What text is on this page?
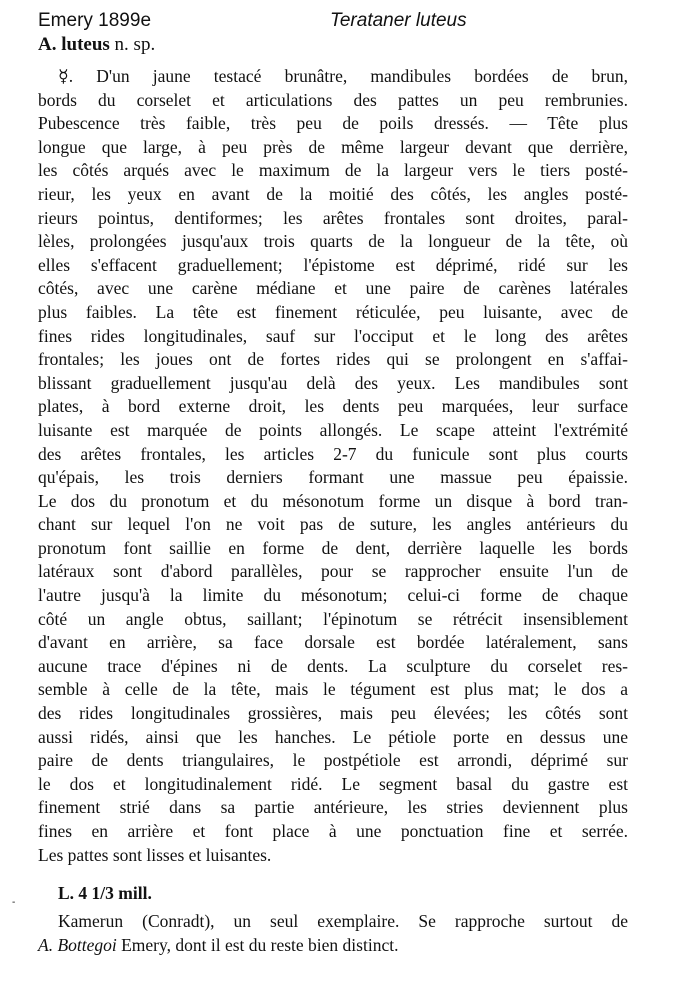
Emery 1899e	Terataner luteus
A. luteus n. sp.
☿. D'un jaune testacé brunâtre, mandibules bordées de brun,
bords du corselet et articulations des pattes un peu rembrunies.
Pubescence très faible, très peu de poils dressés. — Tête plus
longue que large, à peu près de même largeur devant que derrière,
les côtés arqués avec le maximum de la largeur vers le tiers posté-
rieur, les yeux en avant de la moitié des côtés, les angles posté-
rieurs pointus, dentiformes; les arêtes frontales sont droites, paral-
lèles, prolongées jusqu'aux trois quarts de la longueur de la tête, où
elles s'effacent graduellement; l'épistome est déprimé, ridé sur les
côtés, avec une carène médiane et une paire de carènes latérales
plus faibles. La tête est finement réticulée, peu luisante, avec de
fines rides longitudinales, sauf sur l'occiput et le long des arêtes
frontales; les joues ont de fortes rides qui se prolongent en s'affai-
blissant graduellement jusqu'au delà des yeux. Les mandibules sont
plates, à bord externe droit, les dents peu marquées, leur surface
luisante est marquée de points allongés. Le scape atteint l'extrémité
des arêtes frontales, les articles 2-7 du funicule sont plus courts
qu'épais, les trois derniers formant une massue peu épaissie.
Le dos du pronotum et du mésonotum forme un disque à bord tran-
chant sur lequel l'on ne voit pas de suture, les angles antérieurs du
pronotum font saillie en forme de dent, derrière laquelle les bords
latéraux sont d'abord parallèles, pour se rapprocher ensuite l'un de
l'autre jusqu'à la limite du mésonotum; celui-ci forme de chaque
côté un angle obtus, saillant; l'épinotum se rétrécit insensiblement
d'avant en arrière, sa face dorsale est bordée latéralement, sans
aucune trace d'épines ni de dents. La sculpture du corselet res-
semble à celle de la tête, mais le tégument est plus mat; le dos a
des rides longitudinales grossières, mais peu élevées; les côtés sont
aussi ridés, ainsi que les hanches. Le pétiole porte en dessus une
paire de dents triangulaires, le postpétiole est arrondi, déprimé sur
le dos et longitudinalement ridé. Le segment basal du gastre est
finement strié dans sa partie antérieure, les stries deviennent plus
fines en arrière et font place à une ponctuation fine et serrée.
Les pattes sont lisses et luisantes.
- L. 4 1/3 mill.
Kamerun (Conradt), un seul exemplaire. Se rapproche surtout de
A. Bottegoi Emery, dont il est du reste bien distinct.
